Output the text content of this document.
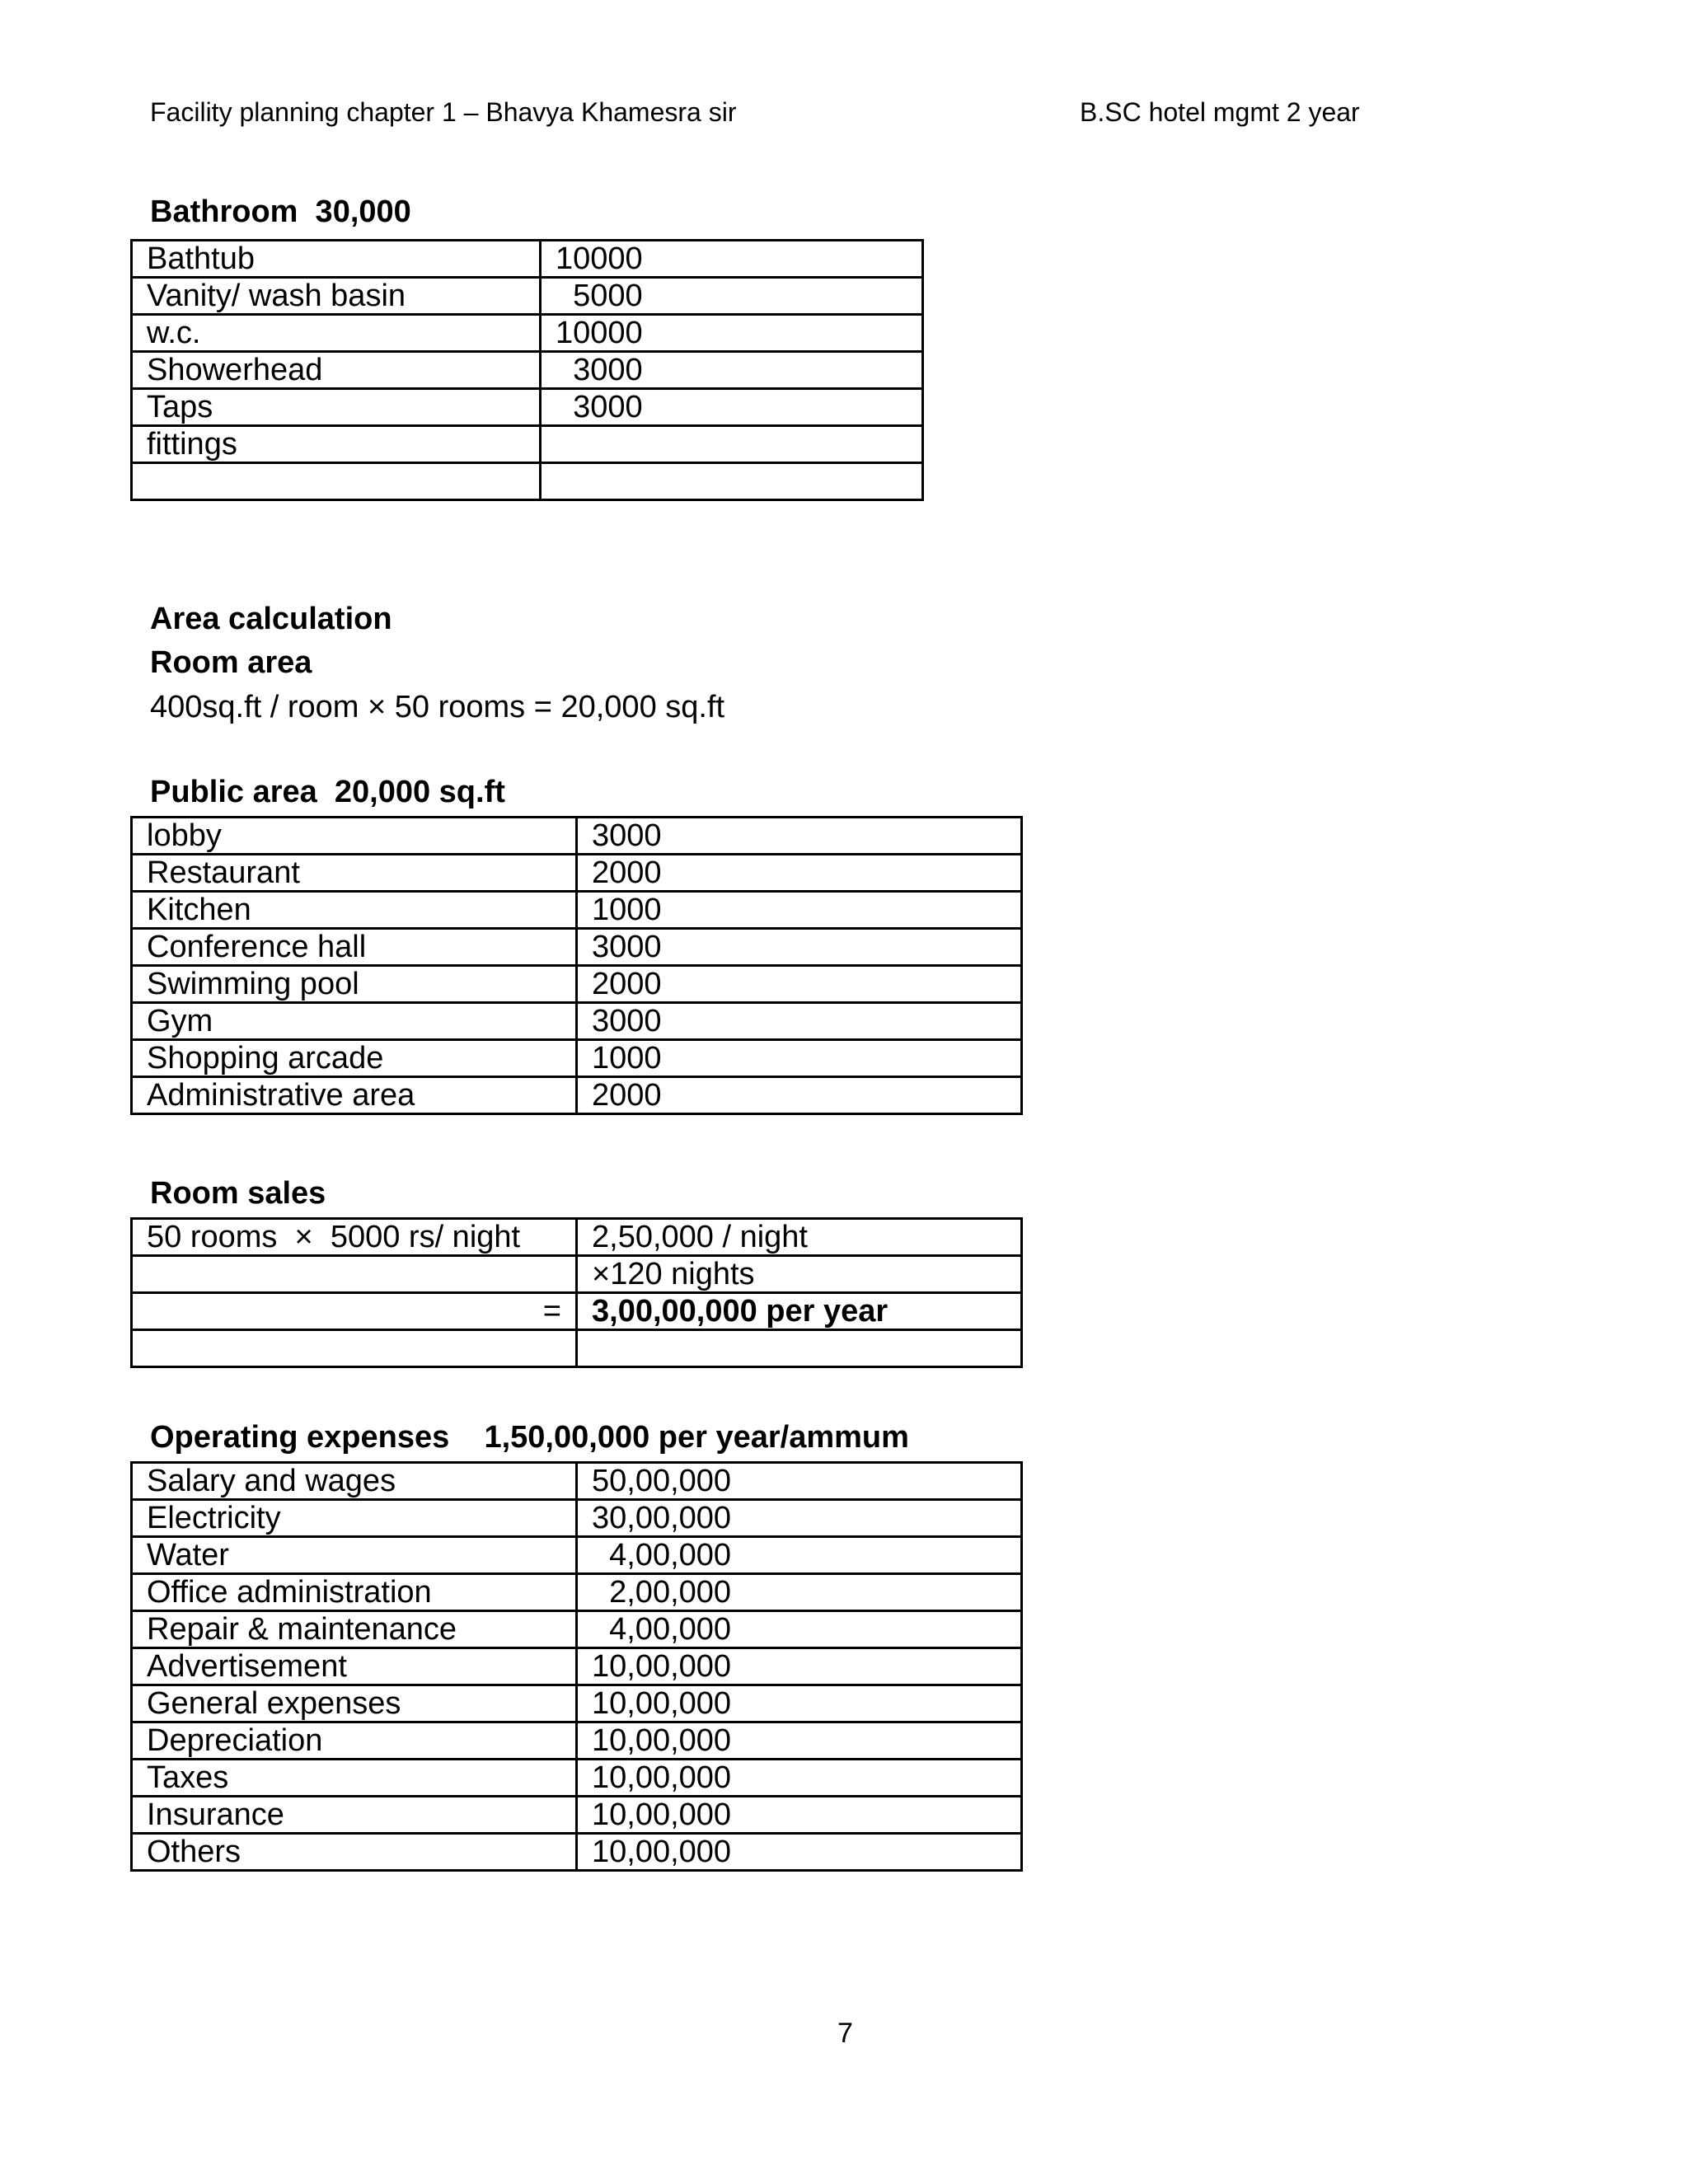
Facility planning chapter 1 – Bhavya Khamesra sir	B.SC hotel mgmt 2 year
Bathroom  30,000
Bathtub	10000
Vanity/ wash basin	5000
w.c.	10000
Showerhead	3000
Taps	3000
fittings	

Area calculation
Room area
400sq.ft / room × 50 rooms = 20,000 sq.ft
Public area  20,000 sq.ft
lobby	3000
Restaurant	2000
Kitchen	1000
Conference hall	3000
Swimming pool	2000
Gym	3000
Shopping arcade	1000
Administrative area	2000
Room sales
50 rooms  ×  5000 rs/ night	2,50,000 / night
	×120 nights
=	3,00,00,000 per year

Operating expenses    1,50,00,000 per year/ammum
Salary and wages	50,00,000
Electricity	30,00,000
Water	4,00,000
Office administration	2,00,000
Repair & maintenance	4,00,000
Advertisement	10,00,000
General expenses	10,00,000
Depreciation	10,00,000
Taxes	10,00,000
Insurance	10,00,000
Others	10,00,000
7
